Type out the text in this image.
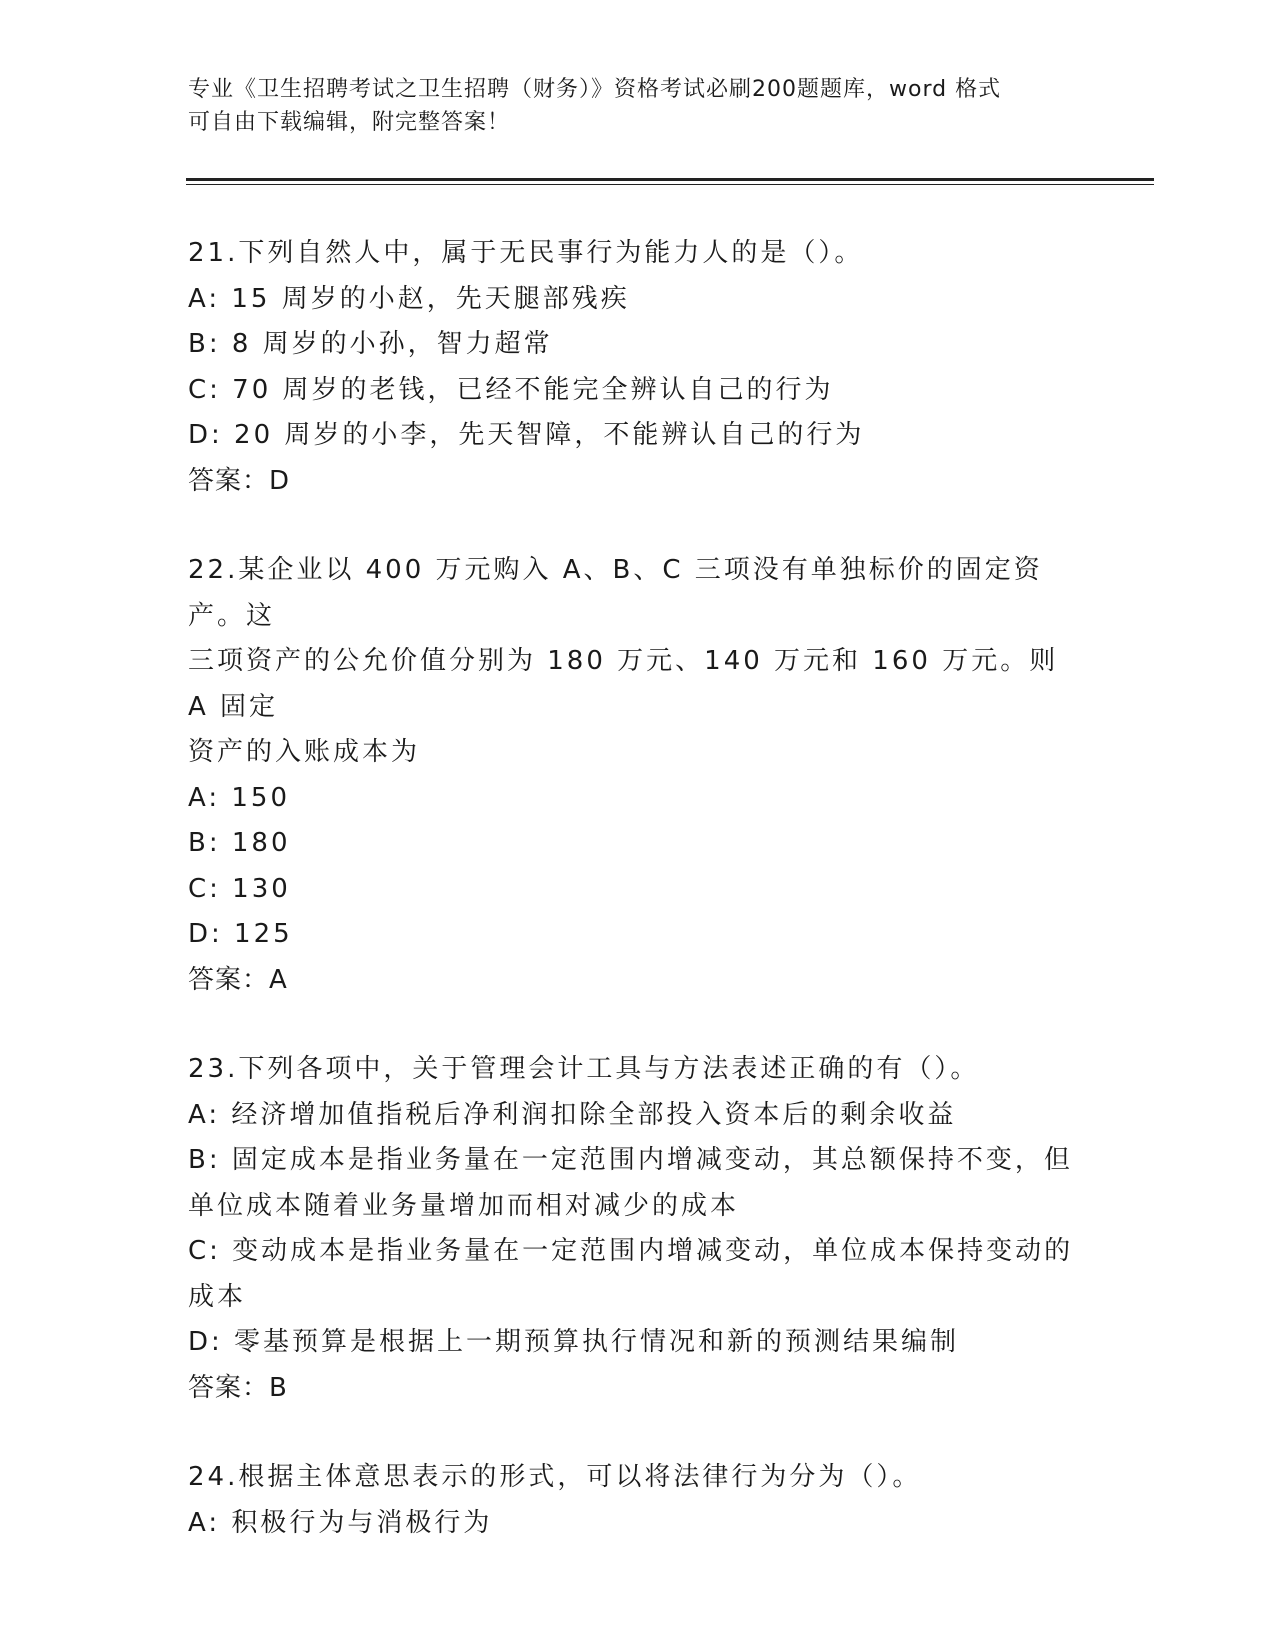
专业《卫生招聘考试之卫生招聘（财务）》资格考试必刷200题题库，word 格式
可自由下载编辑，附完整答案！
21.下列自然人中，属于无民事行为能力人的是（）。
A: 15 周岁的小赵，先天腿部残疾
B: 8 周岁的小孙，智力超常
C: 70 周岁的老钱，已经不能完全辨认自己的行为
D: 20 周岁的小李，先天智障，不能辨认自己的行为
答案：D
22.某企业以 400 万元购入 A、B、C 三项没有单独标价的固定资产。这
三项资产的公允价值分别为 180 万元、140 万元和 160 万元。则 A 固定
资产的入账成本为
A: 150
B: 180
C: 130
D: 125
答案：A
23.下列各项中，关于管理会计工具与方法表述正确的有（）。
A: 经济增加值指税后净利润扣除全部投入资本后的剩余收益
B: 固定成本是指业务量在一定范围内增减变动，其总额保持不变，但
单位成本随着业务量增加而相对减少的成本
C: 变动成本是指业务量在一定范围内增减变动，单位成本保持变动的
成本
D: 零基预算是根据上一期预算执行情况和新的预测结果编制
答案：B
24.根据主体意思表示的形式，可以将法律行为分为（）。
A: 积极行为与消极行为
